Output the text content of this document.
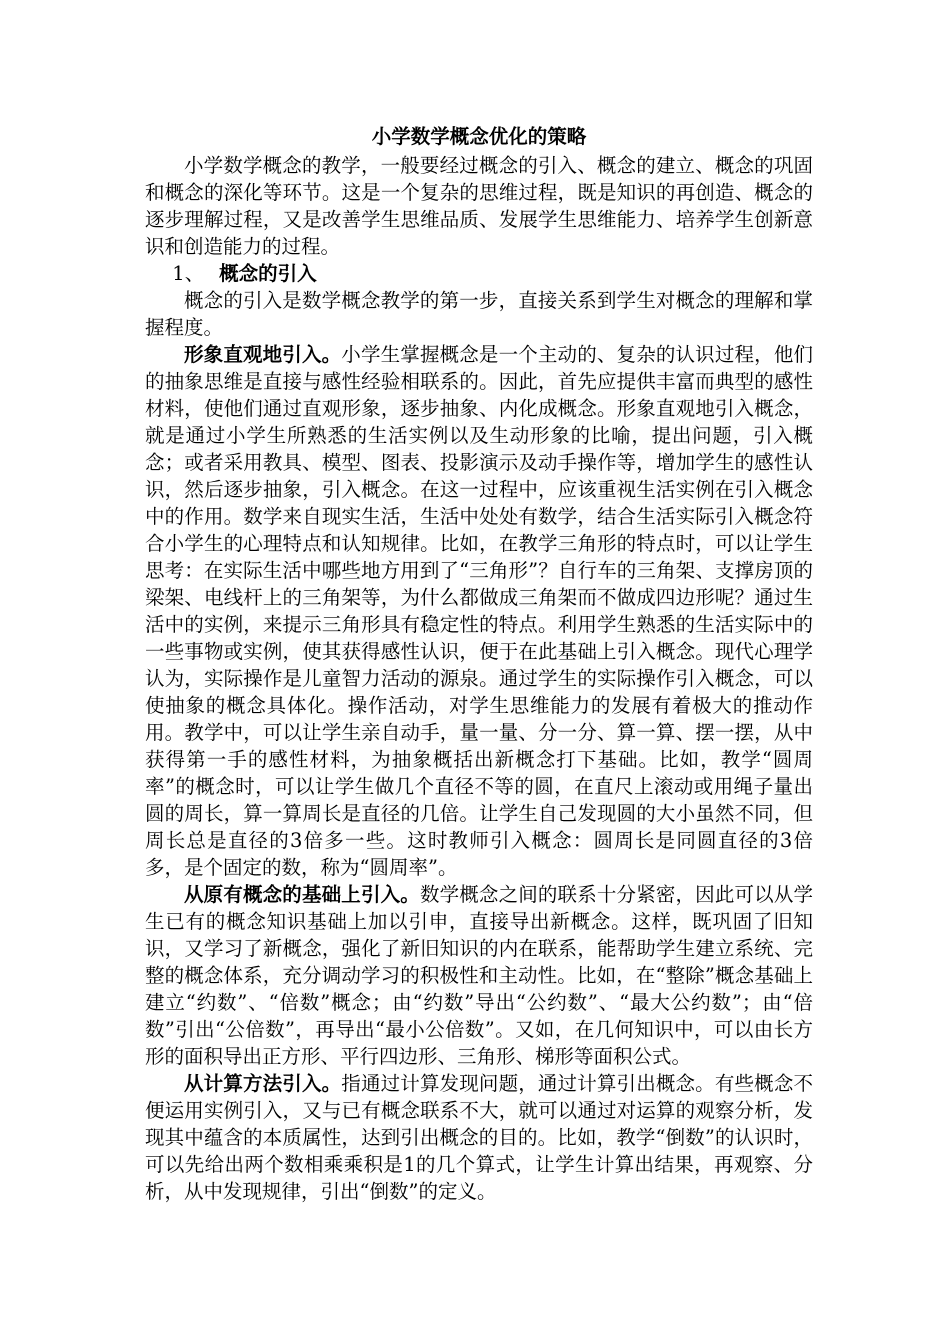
小学数学概念优化的策略

小学数学概念的教学，一般要经过概念的引入、概念的建立、概念的巩固和概念的深化等环节。这是一个复杂的思维过程，既是知识的再创造、概念的逐步理解过程，又是改善学生思维品质、发展学生思维能力、培养学生创新意识和创造能力的过程。

1、 概念的引入

概念的引入是数学概念教学的第一步，直接关系到学生对概念的理解和掌握程度。

形象直观地引入。小学生掌握概念是一个主动的、复杂的认识过程，他们的抽象思维是直接与感性经验相联系的。因此，首先应提供丰富而典型的感性材料，使他们通过直观形象，逐步抽象、内化成概念。形象直观地引入概念，就是通过小学生所熟悉的生活实例以及生动形象的比喻，提出问题，引入概念；或者采用教具、模型、图表、投影演示及动手操作等，增加学生的感性认识，然后逐步抽象，引入概念。在这一过程中，应该重视生活实例在引入概念中的作用。数学来自现实生活，生活中处处有数学，结合生活实际引入概念符合小学生的心理特点和认知规律。比如，在教学三角形的特点时，可以让学生思考：在实际生活中哪些地方用到了“三角形”？自行车的三角架、支撑房顶的梁架、电线杆上的三角架等，为什么都做成三角架而不做成四边形呢？通过生活中的实例，来提示三角形具有稳定性的特点。利用学生熟悉的生活实际中的一些事物或实例，使其获得感性认识，便于在此基础上引入概念。现代心理学认为，实际操作是儿童智力活动的源泉。通过学生的实际操作引入概念，可以使抽象的概念具体化。操作活动，对学生思维能力的发展有着极大的推动作用。教学中，可以让学生亲自动手，量一量、分一分、算一算、摆一摆，从中获得第一手的感性材料，为抽象概括出新概念打下基础。比如，教学“圆周率”的概念时，可以让学生做几个直径不等的圆，在直尺上滚动或用绳子量出圆的周长，算一算周长是直径的几倍。让学生自己发现圆的大小虽然不同，但周长总是直径的3倍多一些。这时教师引入概念：圆周长是同圆直径的3倍多，是个固定的数，称为“圆周率”。

从原有概念的基础上引入。数学概念之间的联系十分紧密，因此可以从学生已有的概念知识基础上加以引申，直接导出新概念。这样，既巩固了旧知识，又学习了新概念，强化了新旧知识的内在联系，能帮助学生建立系统、完整的概念体系，充分调动学习的积极性和主动性。比如，在“整除”概念基础上建立“约数”、“倍数”概念；由“约数”导出“公约数”、“最大公约数”；由“倍数”引出“公倍数”，再导出“最小公倍数”。又如，在几何知识中，可以由长方形的面积导出正方形、平行四边形、三角形、梯形等面积公式。

从计算方法引入。指通过计算发现问题，通过计算引出概念。有些概念不便运用实例引入，又与已有概念联系不大，就可以通过对运算的观察分析，发现其中蕴含的本质属性，达到引出概念的目的。比如，教学“倒数”的认识时，可以先给出两个数相乘乘积是1的几个算式，让学生计算出结果，再观察、分析，从中发现规律，引出“倒数”的定义。
